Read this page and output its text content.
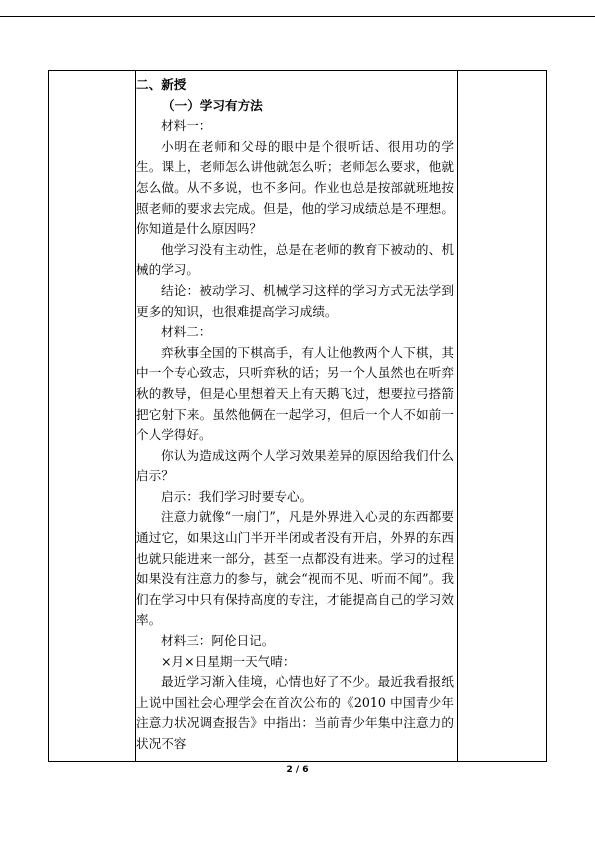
二、新授

（一）学习有方法

材料一：

小明在老师和父母的眼中是个很听话、很用功的学生。课上，老师怎么讲他就怎么听；老师怎么要求，他就怎么做。从不多说，也不多问。作业也总是按部就班地按照老师的要求去完成。但是，他的学习成绩总是不理想。你知道是什么原因吗？

他学习没有主动性，总是在老师的教育下被动的、机械的学习。

结论：被动学习、机械学习这样的学习方式无法学到更多的知识，也很难提高学习成绩。

材料二：

弈秋事全国的下棋高手，有人让他教两个人下棋，其中一个专心致志，只听弈秋的话；另一个人虽然也在听弈秋的教导，但是心里想着天上有天鹅飞过，想要拉弓搭箭把它射下来。虽然他俩在一起学习，但后一个人不如前一个人学得好。

你认为造成这两个人学习效果差异的原因给我们什么启示？

启示：我们学习时要专心。

注意力就像“一扇门”，凡是外界进入心灵的东西都要通过它，如果这山门半开半闭或者没有开启，外界的东西也就只能进来一部分，甚至一点都没有进来。学习的过程如果没有注意力的参与，就会“视而不见、听而不闻”。我们在学习中只有保持高度的专注，才能提高自己的学习效率。

材料三：阿伦日记。

×月×日星期一天气晴：

最近学习渐入佳境，心情也好了不少。最近我看报纸上说中国社会心理学会在首次公布的《2010 中国青少年注意力状况调查报告》中指出：当前青少年集中注意力的状况不容

2 / 6
